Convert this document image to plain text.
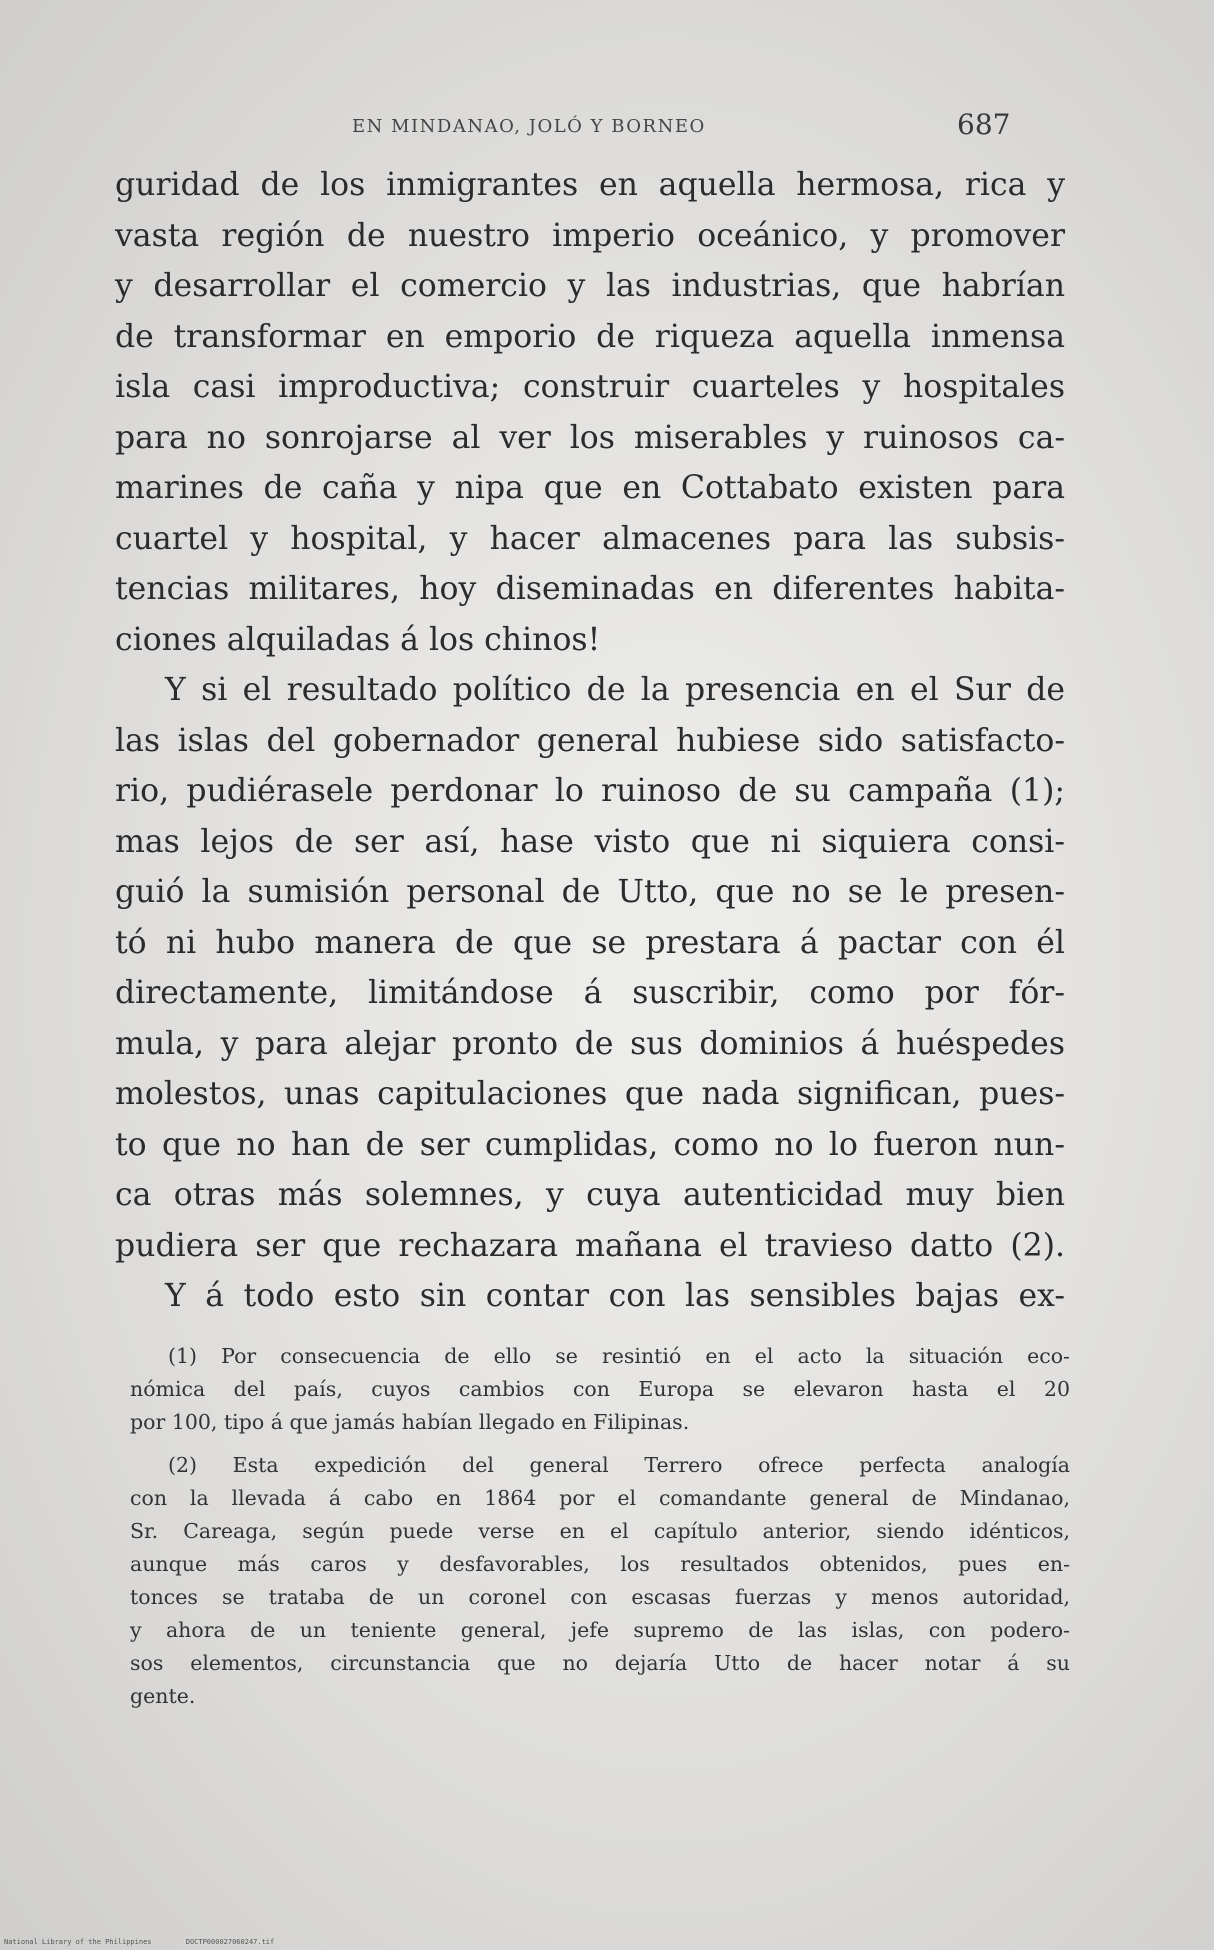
EN MINDANAO, JOLÓ Y BORNEO	687
guridad de los inmigrantes en aquella hermosa, rica y
vasta región de nuestro imperio oceánico, y promover
y desarrollar el comercio y las industrias, que habrían
de transformar en emporio de riqueza aquella inmensa
isla casi improductiva; construir cuarteles y hospitales
para no sonrojarse al ver los miserables y ruinosos ca-
marines de caña y nipa que en Cottabato existen para
cuartel y hospital, y hacer almacenes para las subsis-
tencias militares, hoy diseminadas en diferentes habita-
ciones alquiladas á los chinos!
Y si el resultado político de la presencia en el Sur de
las islas del gobernador general hubiese sido satisfacto-
rio, pudiérasele perdonar lo ruinoso de su campaña (1);
mas lejos de ser así, hase visto que ni siquiera consi-
guió la sumisión personal de Utto, que no se le presen-
tó ni hubo manera de que se prestara á pactar con él
directamente, limitándose á suscribir, como por fór-
mula, y para alejar pronto de sus dominios á huéspedes
molestos, unas capitulaciones que nada significan, pues-
to que no han de ser cumplidas, como no lo fueron nun-
ca otras más solemnes, y cuya autenticidad muy bien
pudiera ser que rechazara mañana el travieso datto (2).
Y á todo esto sin contar con las sensibles bajas ex-
(1) Por consecuencia de ello se resintió en el acto la situación eco-
nómica del país, cuyos cambios con Europa se elevaron hasta el 20
por 100, tipo á que jamás habían llegado en Filipinas.
(2) Esta expedición del general Terrero ofrece perfecta analogía
con la llevada á cabo en 1864 por el comandante general de Mindanao,
Sr. Careaga, según puede verse en el capítulo anterior, siendo idénticos,
aunque más caros y desfavorables, los resultados obtenidos, pues en-
tonces se trataba de un coronel con escasas fuerzas y menos autoridad,
y ahora de un teniente general, jefe supremo de las islas, con podero-
sos elementos, circunstancia que no dejaría Utto de hacer notar á su
gente.
National Library of the Philippines	DOCTP000027060247.tif
